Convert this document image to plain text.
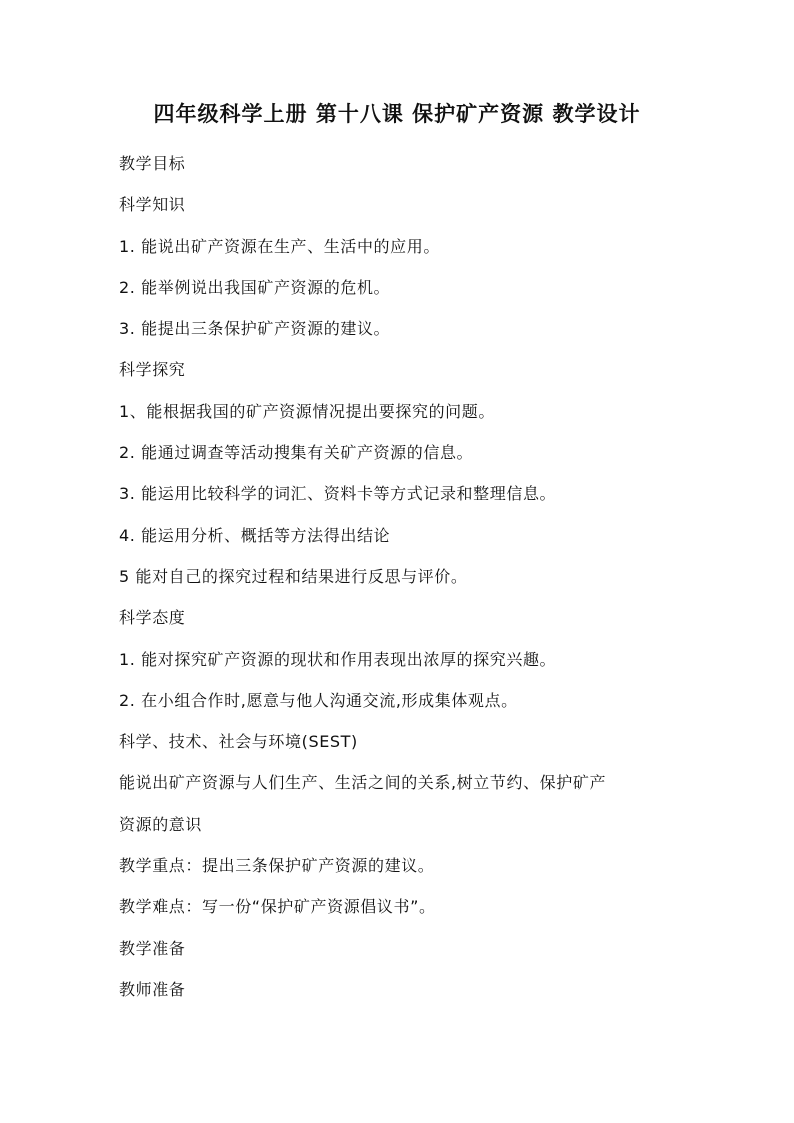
四年级科学上册 第十八课 保护矿产资源 教学设计
教学目标
科学知识
1. 能说出矿产资源在生产、生活中的应用。
2. 能举例说出我国矿产资源的危机。
3. 能提出三条保护矿产资源的建议。
科学探究
1、能根据我国的矿产资源情况提出要探究的问题。
2. 能通过调查等活动搜集有关矿产资源的信息。
3. 能运用比较科学的词汇、资料卡等方式记录和整理信息。
4. 能运用分析、概括等方法得出结论
5 能对自己的探究过程和结果进行反思与评价。
科学态度
1. 能对探究矿产资源的现状和作用表现出浓厚的探究兴趣。
2. 在小组合作时,愿意与他人沟通交流,形成集体观点。
科学、技术、社会与环境(SEST)
能说出矿产资源与人们生产、生活之间的关系,树立节约、保护矿产
资源的意识
教学重点：提出三条保护矿产资源的建议。
教学难点：写一份“保护矿产资源倡议书”。
教学准备
教师准备
